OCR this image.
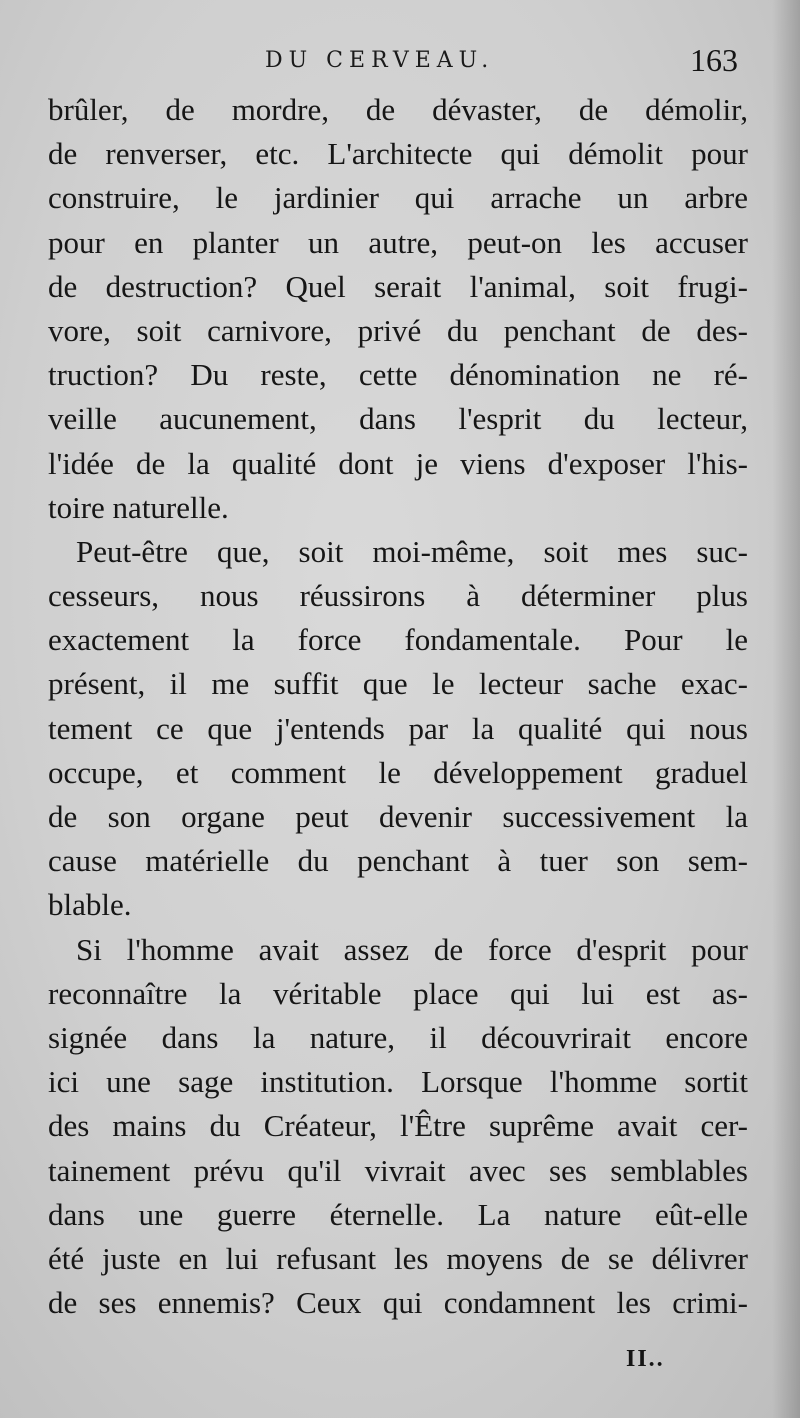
DU CERVEAU.	163
brûler, de mordre, de dévaster, de démolir,
de renverser, etc. L'architecte qui démolit pour
construire, le jardinier qui arrache un arbre
pour en planter un autre, peut-on les accuser
de destruction? Quel serait l'animal, soit frugi-
vore, soit carnivore, privé du penchant de des-
truction? Du reste, cette dénomination ne ré-
veille aucunement, dans l'esprit du lecteur,
l'idée de la qualité dont je viens d'exposer l'his-
toire naturelle.
Peut-être que, soit moi-même, soit mes suc-
cesseurs, nous réussirons à déterminer plus
exactement la force fondamentale. Pour le
présent, il me suffit que le lecteur sache exac-
tement ce que j'entends par la qualité qui nous
occupe, et comment le développement graduel
de son organe peut devenir successivement la
cause matérielle du penchant à tuer son sem-
blable.
Si l'homme avait assez de force d'esprit pour
reconnaître la véritable place qui lui est as-
signée dans la nature, il découvrirait encore
ici une sage institution. Lorsque l'homme sortit
des mains du Créateur, l'Être suprême avait cer-
tainement prévu qu'il vivrait avec ses semblables
dans une guerre éternelle. La nature eût-elle
été juste en lui refusant les moyens de se délivrer
de ses ennemis? Ceux qui condamnent les crimi-
II..
